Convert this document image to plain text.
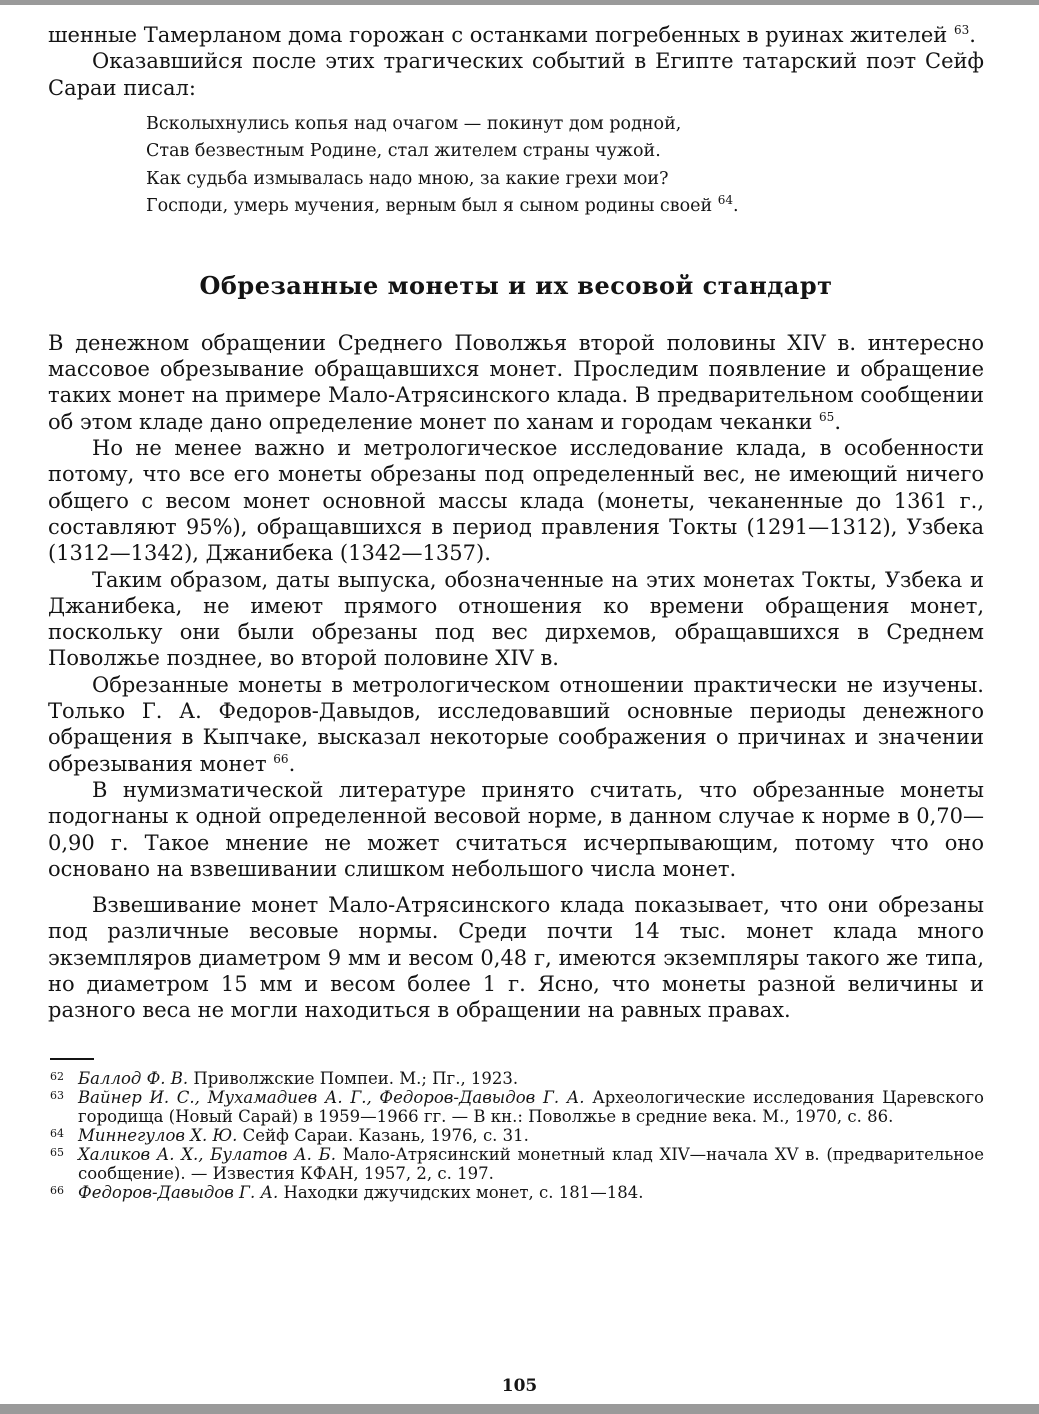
шенные Тамерланом дома горожан с останками погребенных в руинах жителей $^{63}$.

Оказавшийся после этих трагических событий в Египте татарский поэт Сейф Сараи писал:

Всколыхнулись копья над очагом — покинут дом родной,
Став безвестным Родине, стал жителем страны чужой.
Как судьба измывалась надо мною, за какие грехи мои?
Господи, умерь мучения, верным был я сыном родины своей $^{64}$.
Обрезанные монеты и их весовой стандарт

В денежном обращении Среднего Поволжья второй половины XIV в. интересно массовое обрезывание обращавшихся монет. Проследим появление и обращение таких монет на примере Мало-Атрясинского клада. В предварительном сообщении об этом кладе дано определение монет по ханам и городам чеканки $^{65}$.

Но не менее важно и метрологическое исследование клада, в особенности потому, что все его монеты обрезаны под определенный вес, не имеющий ничего общего с весом монет основной массы клада (монеты, чеканенные до 1361 г., составляют 95%), обращавшихся в период правления Токты (1291—1312), Узбека (1312—1342), Джанибека (1342—1357).

Таким образом, даты выпуска, обозначенные на этих монетах Токты, Узбека и Джанибека, не имеют прямого отношения ко времени обращения монет, поскольку они были обрезаны под вес дирхемов, обращавшихся в Среднем Поволжье позднее, во второй половине XIV в.

Обрезанные монеты в метрологическом отношении практически не изучены. Только Г. А. Федоров-Давыдов, исследовавший основные периоды денежного обращения в Кыпчаке, высказал некоторые соображения о причинах и значении обрезывания монет $^{66}$.

В нумизматической литературе принято считать, что обрезанные монеты подогнаны к одной определенной весовой норме, в данном случае к норме в 0,70—0,90 г. Такое мнение не может считаться исчерпывающим, потому что оно основано на взвешивании слишком небольшого числа монет.

Взвешивание монет Мало-Атрясинского клада показывает, что они обрезаны под различные весовые нормы. Среди почти 14 тыс. монет клада много экземпляров диаметром 9 мм и весом 0,48 г, имеются экземпляры такого же типа, но диаметром 15 мм и весом более 1 г. Ясно, что монеты разной величины и разного веса не могли находиться в обращении на равных правах.

62 Баллод Ф. В. Приволжские Помпеи. М.; Пг., 1923.
63 Вайнер И. С., Мухамадиев А. Г., Федоров-Давыдов Г. А. Археологические исследования Царевского городища (Новый Сарай) в 1959—1966 гг. — В кн.: Поволжье в средние века. М., 1970, с. 86.
64 Миннегулов Х. Ю. Сейф Сараи. Казань, 1976, с. 31.
65 Халиков А. Х., Булатов А. Б. Мало-Атрясинский монетный клад XIV—начала XV в. (предварительное сообщение). — Известия КФАН, 1957, 2, с. 197.
66 Федоров-Давыдов Г. А. Находки джучидских монет, с. 181—184.
105
